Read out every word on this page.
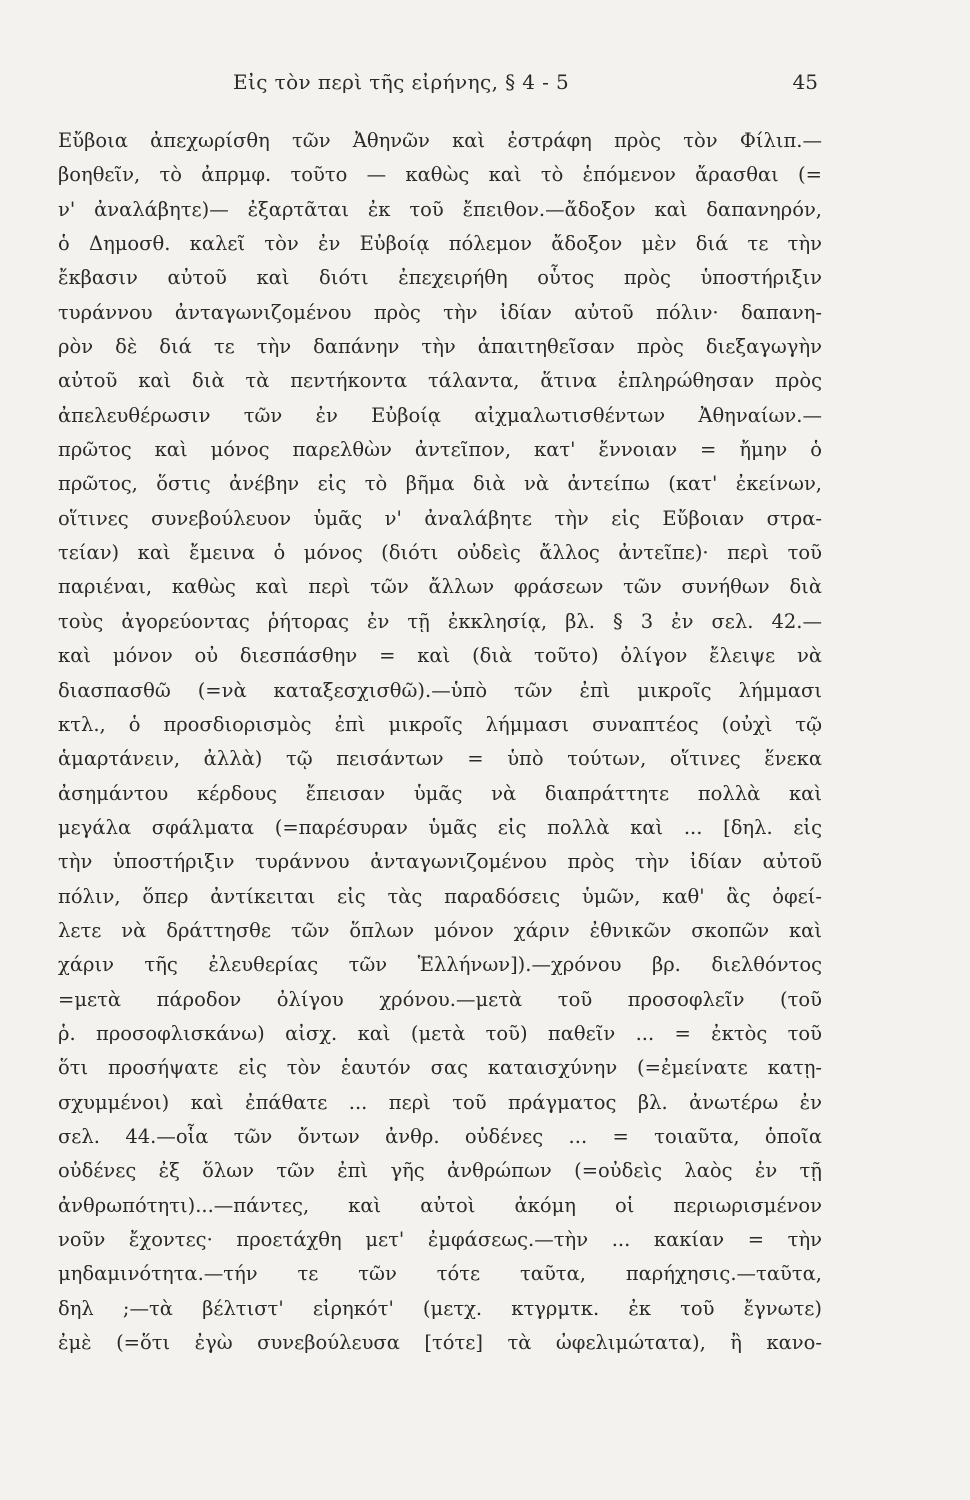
Εἰς τὸν περὶ τῆς εἰρήνης, § 4 - 5	45
Εὔβοια ἀπεχωρίσθη τῶν Ἀθηνῶν καὶ ἐστράφη πρὸς τὸν Φίλιπ.—
βοηθεῖν, τὸ ἀπρμφ. τοῦτο — καθὼς καὶ τὸ ἑπόμενον ἄρασθαι (=
ν' ἀναλάβητε)— ἐξαρτᾶται ἐκ τοῦ ἔπειθον.—ἄδοξον καὶ δαπανηρόν,
ὁ Δημοσθ. καλεῖ τὸν ἐν Εὐβοίᾳ πόλεμον ἄδοξον μὲν διά τε τὴν
ἔκβασιν αὐτοῦ καὶ διότι ἐπεχειρήθη οὗτος πρὸς ὑποστήριξιν
τυράννου ἀνταγωνιζομένου πρὸς τὴν ἰδίαν αὐτοῦ πόλιν· δαπανη-
ρὸν δὲ διά τε τὴν δαπάνην τὴν ἀπαιτηθεῖσαν πρὸς διεξαγωγὴν
αὐτοῦ καὶ διὰ τὰ πεντήκοντα τάλαντα, ἅτινα ἐπληρώθησαν πρὸς
ἀπελευθέρωσιν τῶν ἐν Εὐβοίᾳ αἰχμαλωτισθέντων Ἀθηναίων.—
πρῶτος καὶ μόνος παρελθὼν ἀντεῖπον, κατ' ἔννοιαν = ἤμην ὁ
πρῶτος, ὅστις ἀνέβην εἰς τὸ βῆμα διὰ νὰ ἀντείπω (κατ' ἐκείνων,
οἵτινες συνεβούλευον ὑμᾶς ν' ἀναλάβητε τὴν εἰς Εὔβοιαν στρα-
τείαν) καὶ ἔμεινα ὁ μόνος (διότι οὐδεὶς ἄλλος ἀντεῖπε)· περὶ τοῦ
παριέναι, καθὼς καὶ περὶ τῶν ἄλλων φράσεων τῶν συνήθων διὰ
τοὺς ἀγορεύοντας ῥήτορας ἐν τῇ ἐκκλησίᾳ, βλ. § 3 ἐν σελ. 42.—
καὶ μόνον οὐ διεσπάσθην = καὶ (διὰ τοῦτο) ὀλίγον ἔλειψε νὰ
διασπασθῶ (=νὰ καταξεσχισθῶ).—ὑπὸ τῶν ἐπὶ μικροῖς λήμμασι
κτλ., ὁ προσδιορισμὸς ἐπὶ μικροῖς λήμμασι συναπτέος (οὐχὶ τῷ
ἁμαρτάνειν, ἀλλὰ) τῷ πεισάντων = ὑπὸ τούτων, οἵτινες ἕνεκα
ἀσημάντου κέρδους ἔπεισαν ὑμᾶς νὰ διαπράττητε πολλὰ καὶ
μεγάλα σφάλματα (=παρέσυραν ὑμᾶς εἰς πολλὰ καὶ ... [δηλ. εἰς
τὴν ὑποστήριξιν τυράννου ἀνταγωνιζομένου πρὸς τὴν ἰδίαν αὐτοῦ
πόλιν, ὅπερ ἀντίκειται εἰς τὰς παραδόσεις ὑμῶν, καθ' ἃς ὀφεί-
λετε νὰ δράττησθε τῶν ὅπλων μόνον χάριν ἐθνικῶν σκοπῶν καὶ
χάριν τῆς ἐλευθερίας τῶν Ἑλλήνων]).—χρόνου βρ. διελθόντος
=μετὰ πάροδον ὀλίγου χρόνου.—μετὰ τοῦ προσοφλεῖν (τοῦ
ῥ. προσοφλισκάνω) αἰσχ. καὶ (μετὰ τοῦ) παθεῖν ... = ἐκτὸς τοῦ
ὅτι προσήψατε εἰς τὸν ἑαυτόν σας καταισχύνην (=ἐμείνατε κατῃ-
σχυμμένοι) καὶ ἐπάθατε ... περὶ τοῦ πράγματος βλ. ἀνωτέρω ἐν
σελ. 44.—οἷα τῶν ὄντων ἀνθρ. οὐδένες ... = τοιαῦτα, ὁποῖα
οὐδένες ἐξ ὅλων τῶν ἐπὶ γῆς ἀνθρώπων (=οὐδεὶς λαὸς ἐν τῇ
ἀνθρωπότητι)...—πάντες, καὶ αὐτοὶ ἀκόμη οἱ περιωρισμένον
νοῦν ἔχοντες· προετάχθη μετ' ἐμφάσεως.—τὴν ... κακίαν = τὴν
μηδαμινότητα.—τήν τε τῶν τότε ταῦτα, παρήχησις.—ταῦτα,
δηλ ;—τὰ βέλτιστ' εἰρηκότ' (μετχ. κτγρμτκ. ἐκ τοῦ ἔγνωτε)
ἐμὲ (=ὅτι ἐγὼ συνεβούλευσα [τότε] τὰ ὠφελιμώτατα), ἢ κανο-
